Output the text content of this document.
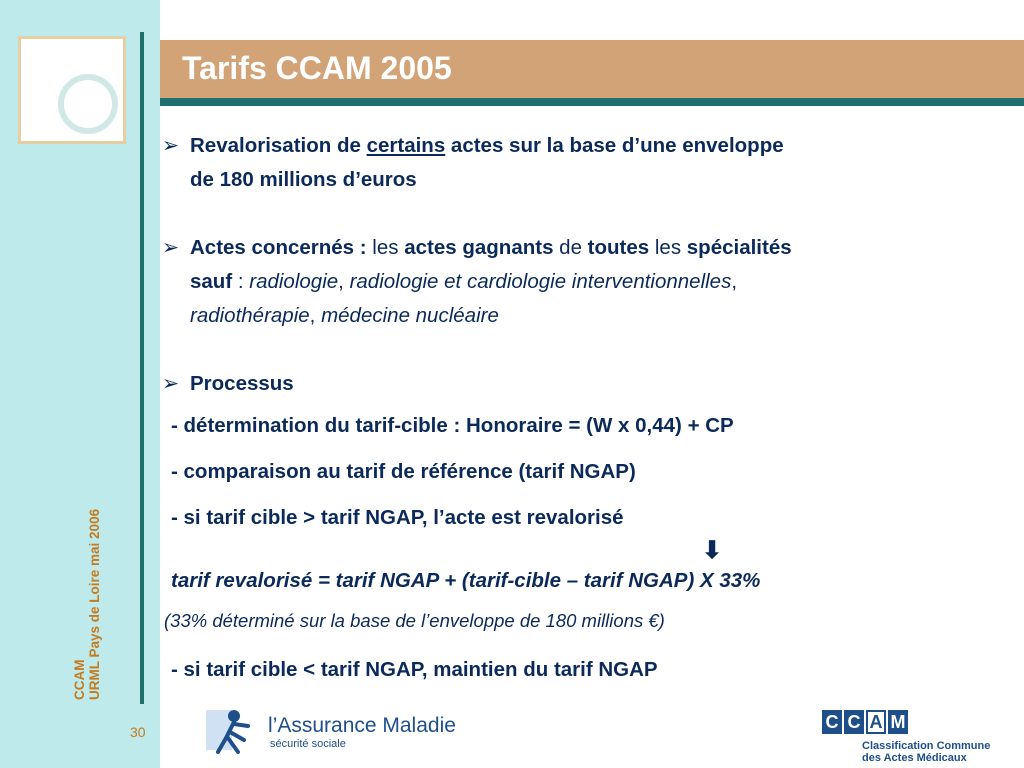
CCAM URML Pays de Loire mai 2006
30
Tarifs CCAM 2005
➢ Revalorisation de certains actes sur la base d’une enveloppe
de 180 millions d’euros
➢ Actes concernés : les actes gagnants de toutes les spécialités
sauf : radiologie, radiologie et cardiologie interventionnelles,
radiothérapie, médecine nucléaire
➢ Processus
- détermination du tarif-cible : Honoraire = (W x 0,44) + CP
- comparaison au tarif de référence (tarif NGAP)
- si tarif cible > tarif NGAP, l’acte est revalorisé
⬇
tarif revalorisé = tarif NGAP + (tarif-cible – tarif NGAP) X 33%
(33% déterminé sur la base de l’enveloppe de 180 millions €)
- si tarif cible < tarif NGAP, maintien du tarif NGAP
l’Assurance Maladie
sécurité sociale
C C A M
Classification Commune
des Actes Médicaux
